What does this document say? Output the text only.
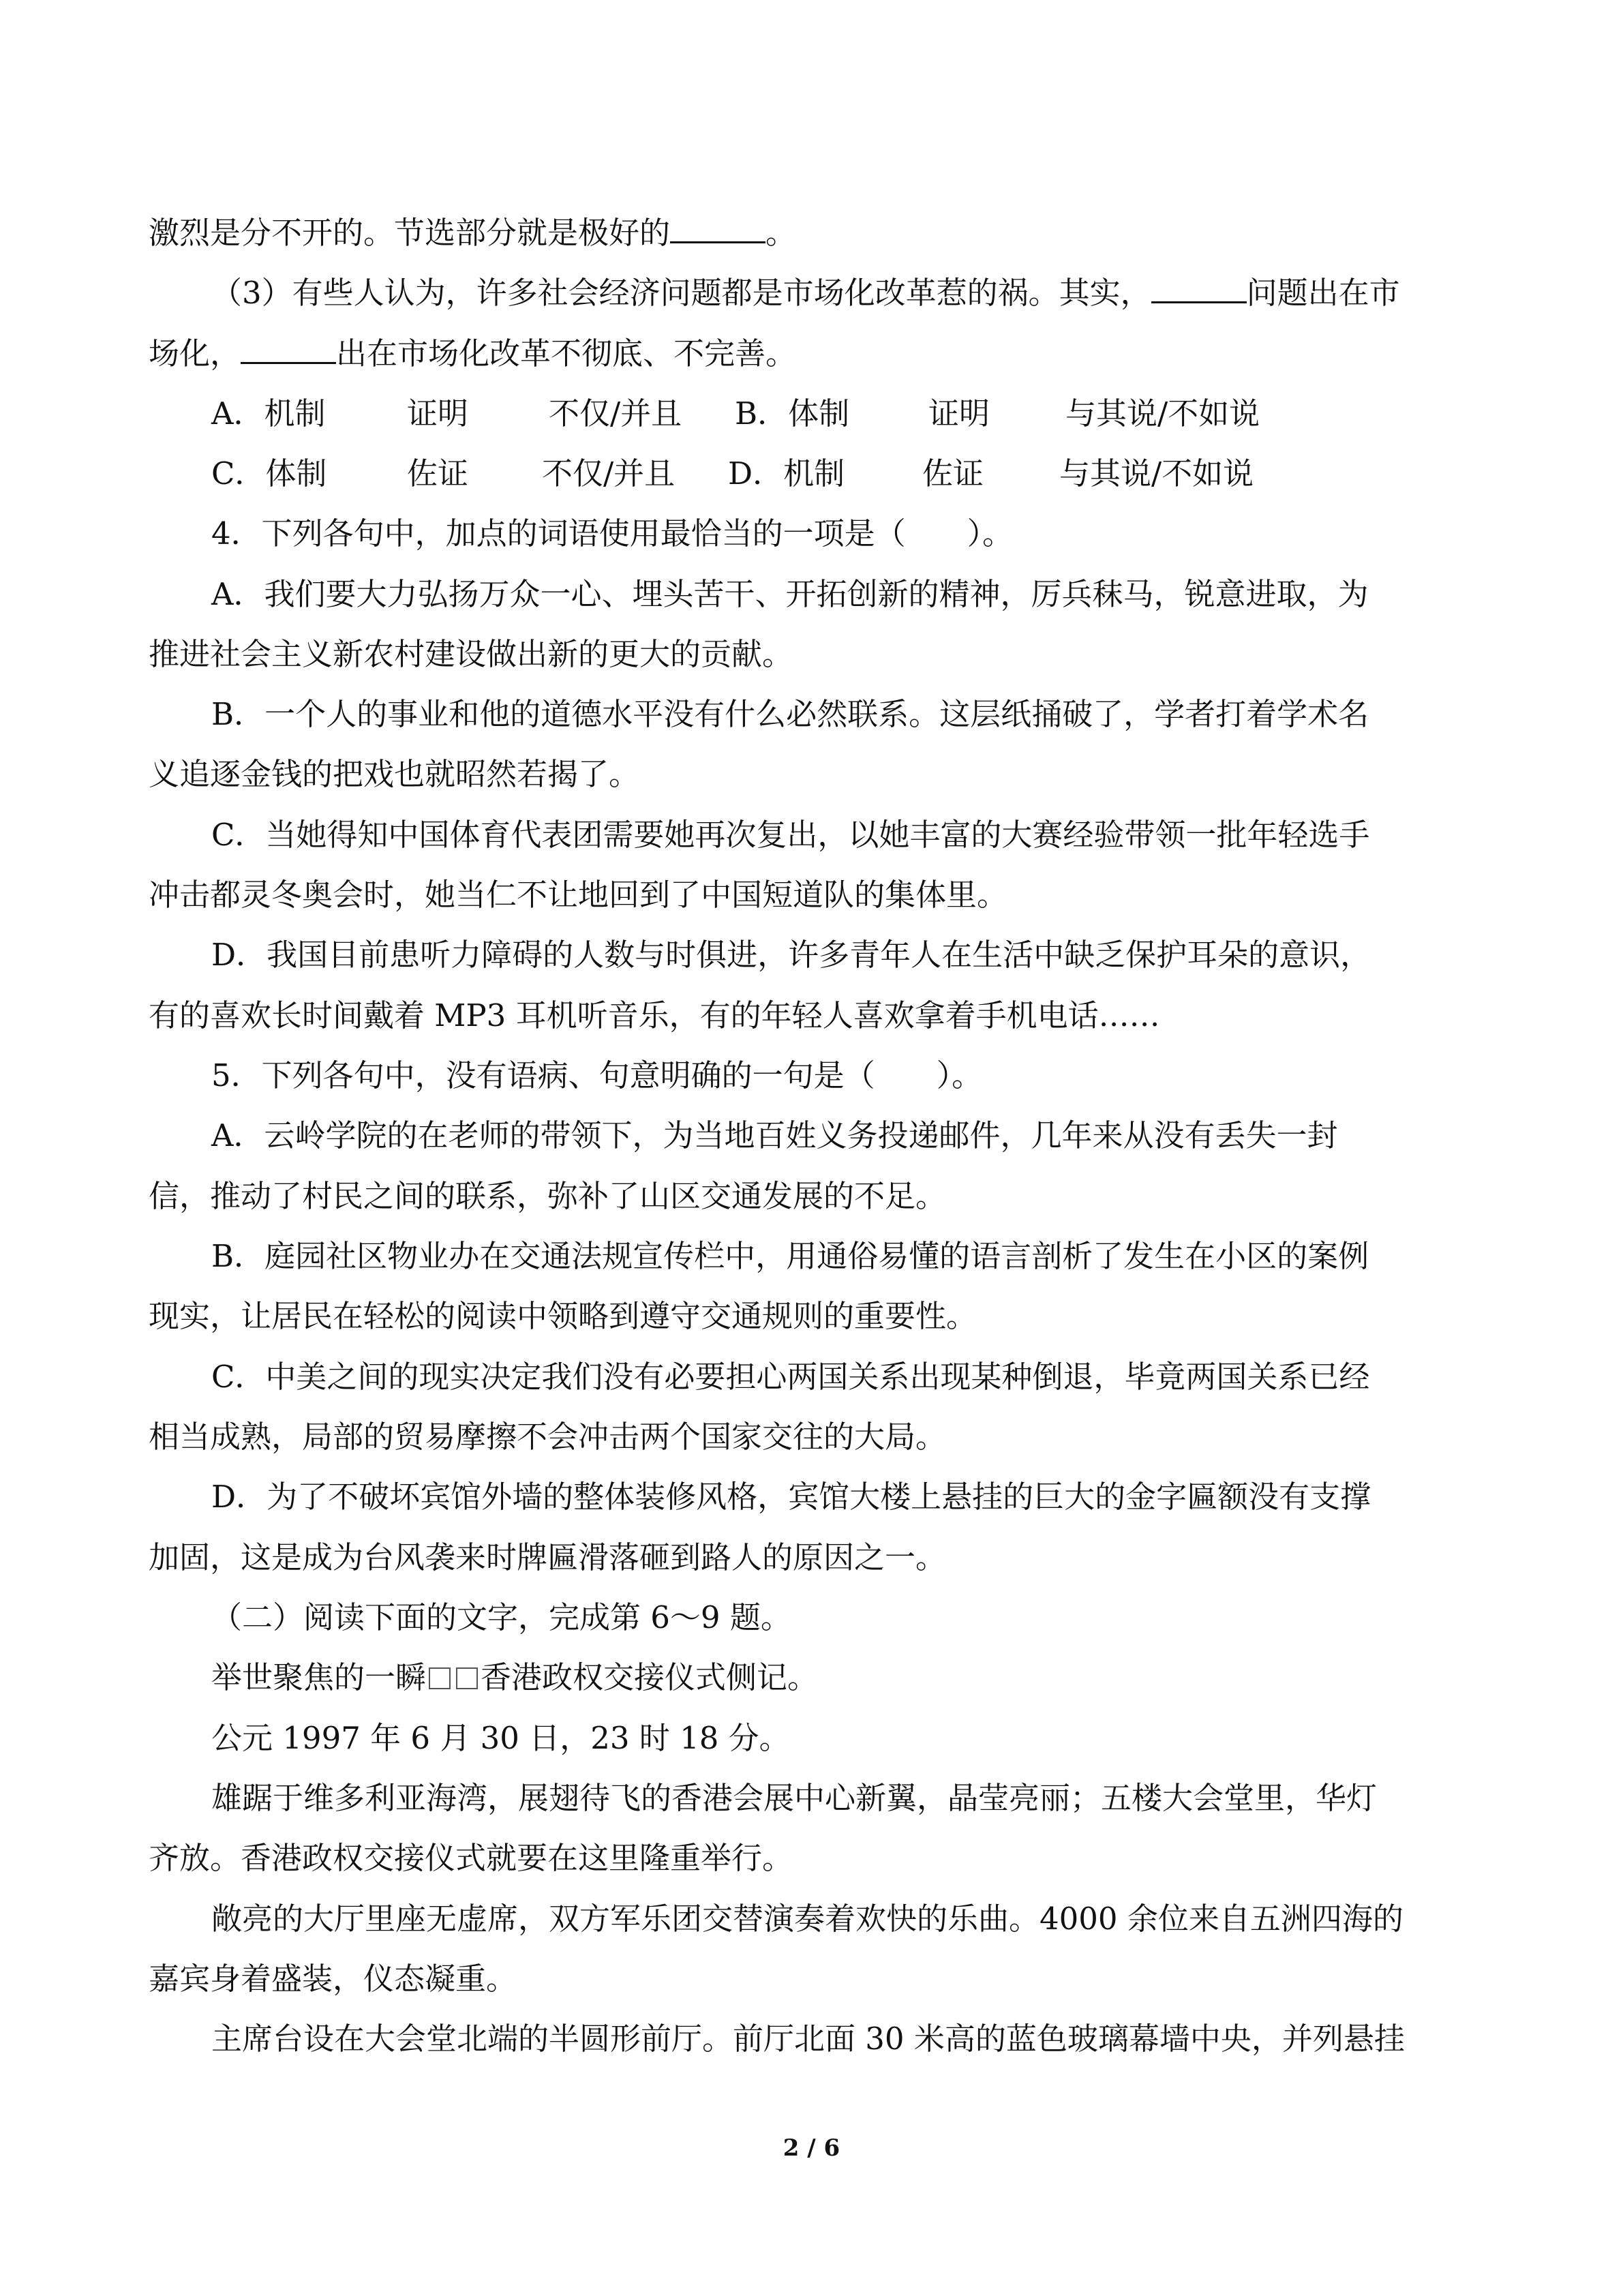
激烈是分不开的。节选部分就是极好的	。
（3）有些人认为，许多社会经济问题都是市场化改革惹的祸。其实，	问题出在市
场化，	出在市场化改革不彻底、不完善。
A．机制	证明	不仅/并且 B．体制	证明 与其说/不如说
C．体制	佐证 不仅/并且 D．机制	佐证 与其说/不如说
4．下列各句中，加点的词语使用最恰当的一项是（　　）。
A．我们要大力弘扬万众一心、埋头苦干、开拓创新的精神，厉兵秣马，锐意进取，为
推进社会主义新农村建设做出新的更大的贡献。
B．一个人的事业和他的道德水平没有什么必然联系。这层纸捅破了，学者打着学术名
义追逐金钱的把戏也就昭然若揭了。
C．当她得知中国体育代表团需要她再次复出，以她丰富的大赛经验带领一批年轻选手
冲击都灵冬奥会时，她当仁不让地回到了中国短道队的集体里。
D．我国目前患听力障碍的人数与时俱进，许多青年人在生活中缺乏保护耳朵的意识，
有的喜欢长时间戴着 MP3 耳机听音乐，有的年轻人喜欢拿着手机电话……
5．下列各句中，没有语病、句意明确的一句是（　　）。
A．云岭学院的在老师的带领下，为当地百姓义务投递邮件，几年来从没有丢失一封
信，推动了村民之间的联系，弥补了山区交通发展的不足。
B．庭园社区物业办在交通法规宣传栏中，用通俗易懂的语言剖析了发生在小区的案例
现实，让居民在轻松的阅读中领略到遵守交通规则的重要性。
C．中美之间的现实决定我们没有必要担心两国关系出现某种倒退，毕竟两国关系已经
相当成熟，局部的贸易摩擦不会冲击两个国家交往的大局。
D．为了不破坏宾馆外墙的整体装修风格，宾馆大楼上悬挂的巨大的金字匾额没有支撑
加固，这是成为台风袭来时牌匾滑落砸到路人的原因之一。
（二）阅读下面的文字，完成第 6～9 题。
举世聚焦的一瞬 香港政权交接仪式侧记。
公元 1997 年 6 月 30 日，23 时 18 分。
雄踞于维多利亚海湾，展翅待飞的香港会展中心新翼，晶莹亮丽；五楼大会堂里，华灯
齐放。香港政权交接仪式就要在这里隆重举行。
敞亮的大厅里座无虚席，双方军乐团交替演奏着欢快的乐曲。4000 余位来自五洲四海的
嘉宾身着盛装，仪态凝重。
主席台设在大会堂北端的半圆形前厅。前厅北面 30 米高的蓝色玻璃幕墙中央，并列悬挂
2 / 6
